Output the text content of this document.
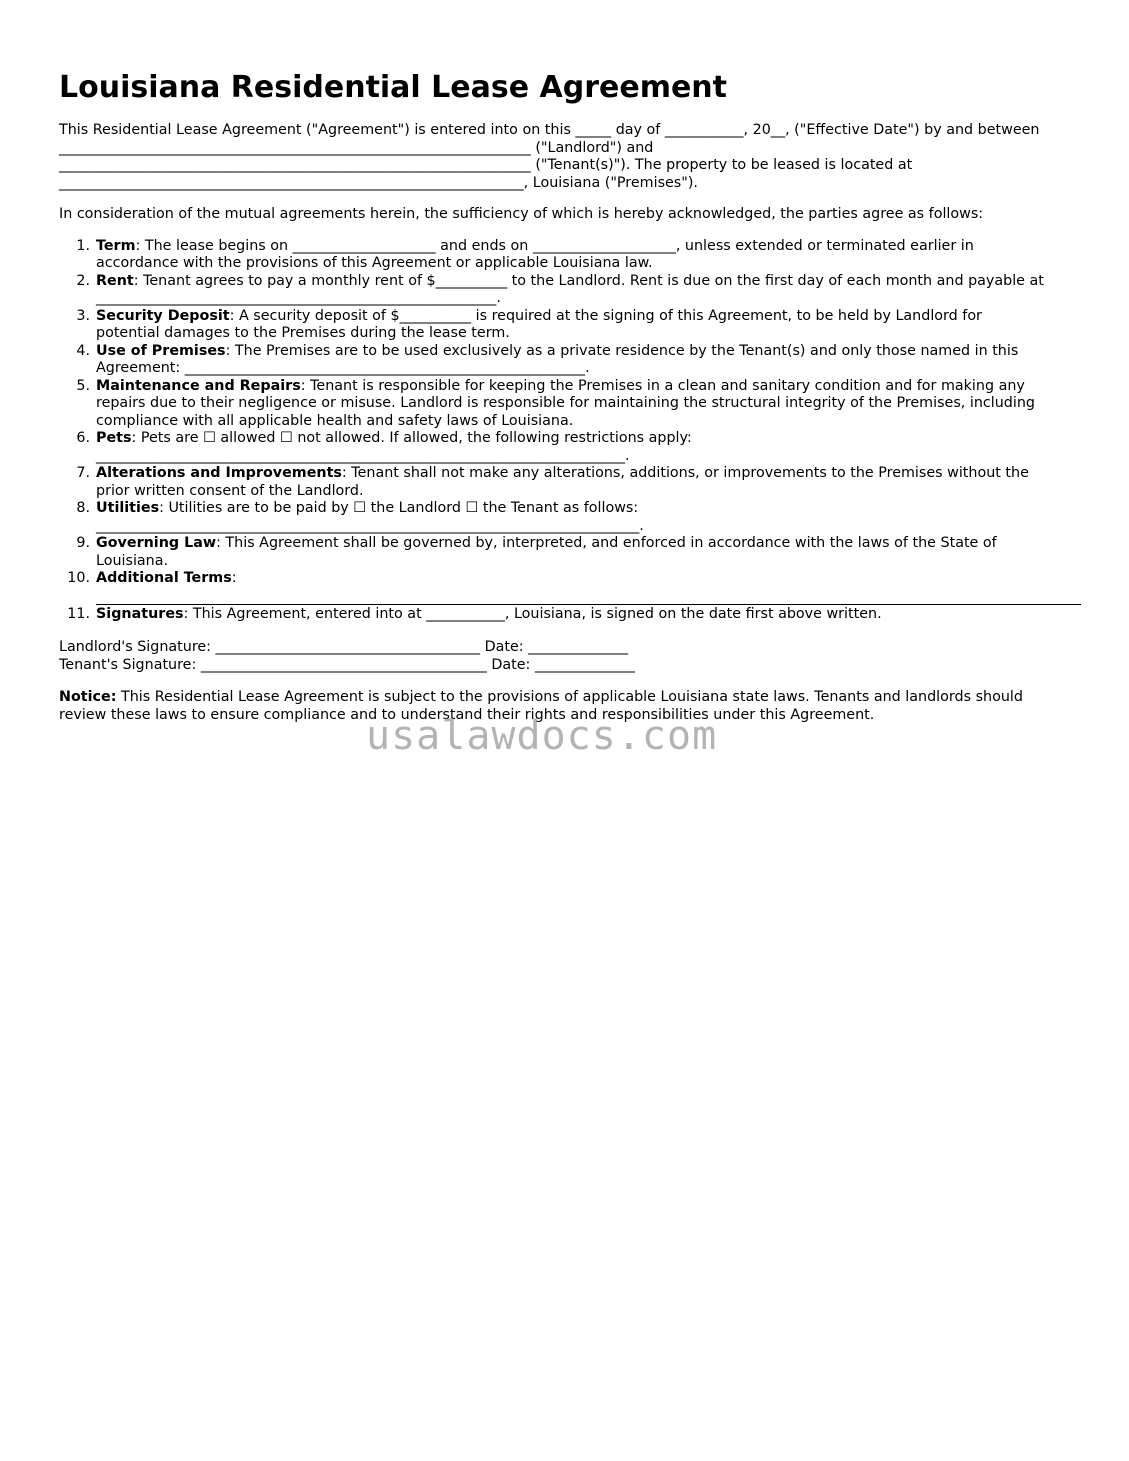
Louisiana Residential Lease Agreement

This Residential Lease Agreement ("Agreement") is entered into on this _____ day of ___________, 20__, ("Effective Date") by and between

__________________________________________________________________ ("Landlord") and

__________________________________________________________________ ("Tenant(s)"). The property to be leased is located at

_________________________________________________________________, Louisiana ("Premises").

In consideration of the mutual agreements herein, the sufficiency of which is hereby acknowledged, the parties agree as follows:

1. Term: The lease begins on ____________________ and ends on ____________________, unless extended or terminated earlier in
accordance with the provisions of this Agreement or applicable Louisiana law.
2. Rent: Tenant agrees to pay a monthly rent of $__________ to the Landlord. Rent is due on the first day of each month and payable at
________________________________________________________.
3. Security Deposit: A security deposit of $__________ is required at the signing of this Agreement, to be held by Landlord for
potential damages to the Premises during the lease term.
4. Use of Premises: The Premises are to be used exclusively as a private residence by the Tenant(s) and only those named in this
Agreement: ________________________________________________________.
5. Maintenance and Repairs: Tenant is responsible for keeping the Premises in a clean and sanitary condition and for making any
repairs due to their negligence or misuse. Landlord is responsible for maintaining the structural integrity of the Premises, including
compliance with all applicable health and safety laws of Louisiana.
6. Pets: Pets are ☐ allowed ☐ not allowed. If allowed, the following restrictions apply:
__________________________________________________________________________.
7. Alterations and Improvements: Tenant shall not make any alterations, additions, or improvements to the Premises without the
prior written consent of the Landlord.
8. Utilities: Utilities are to be paid by ☐ the Landlord ☐ the Tenant as follows:
____________________________________________________________________________.
9. Governing Law: This Agreement shall be governed by, interpreted, and enforced in accordance with the laws of the State of
Louisiana.
10. Additional Terms:
11. Signatures: This Agreement, entered into at ___________, Louisiana, is signed on the date first above written.
Landlord's Signature: _____________________________________ Date: ______________
Tenant's Signature: ________________________________________ Date: ______________

Notice: This Residential Lease Agreement is subject to the provisions of applicable Louisiana state laws. Tenants and landlords should
review these laws to ensure compliance and to understand their rights and responsibilities under this Agreement.

usalawdocs.com
